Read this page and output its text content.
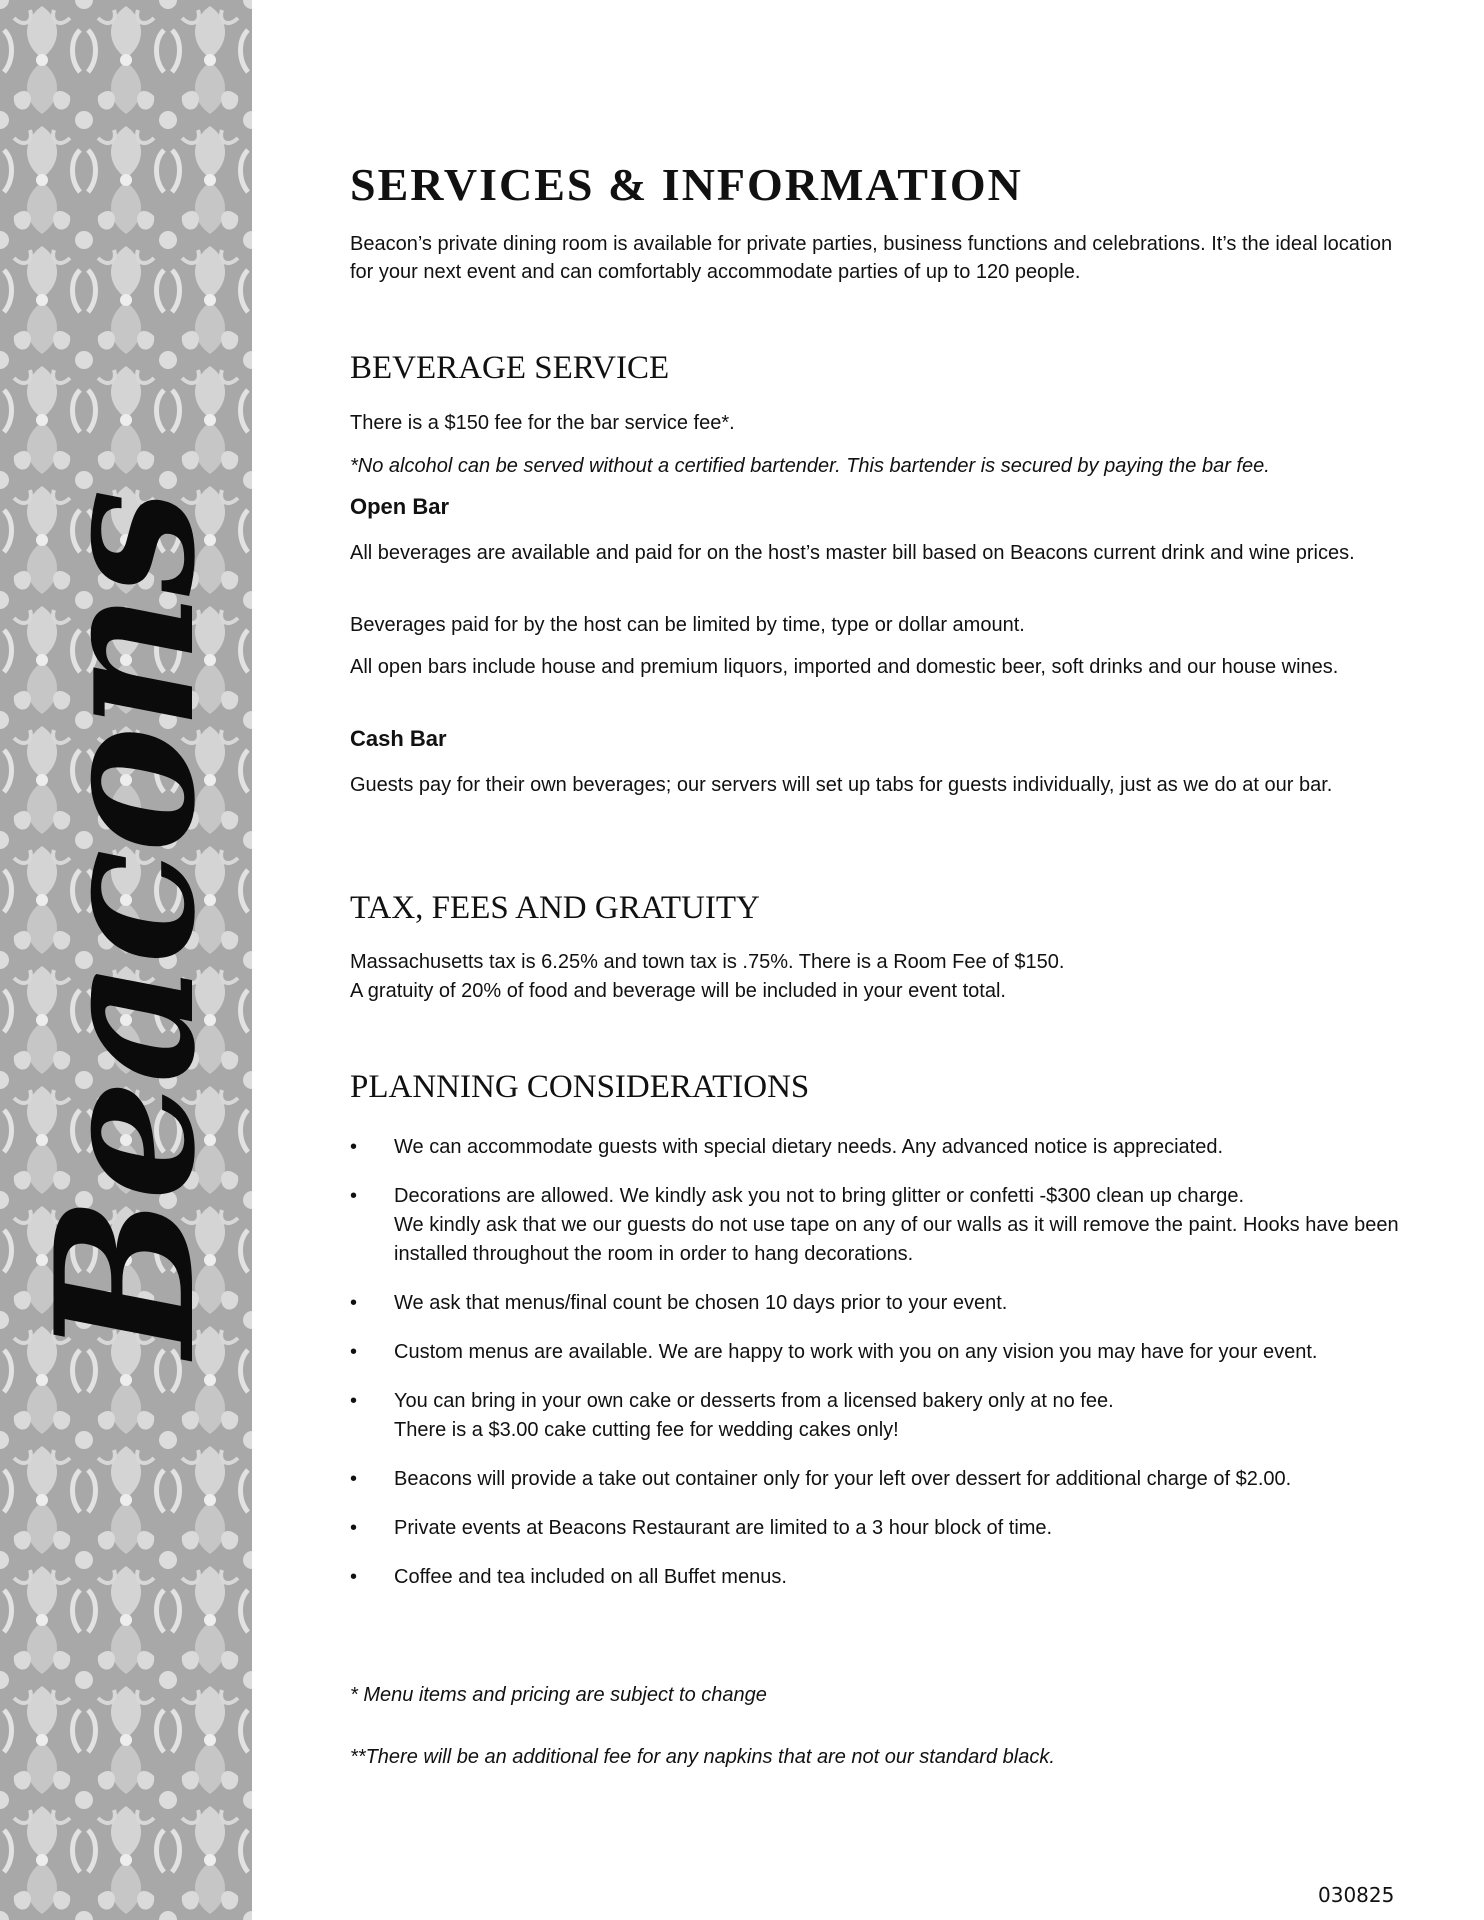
Beacons
SERVICES & INFORMATION

Beacon’s private dining room is available for private parties, business functions and celebrations. It’s the ideal location for your next event and can comfortably accommodate parties of up to 120 people.

BEVERAGE SERVICE

There is a $150 fee for the bar service fee*.

*No alcohol can be served without a certified bartender. This bartender is secured by paying the bar fee.

Open Bar

All beverages are available and paid for on the host’s master bill based on Beacons current drink and wine prices.

Beverages paid for by the host can be limited by time, type or dollar amount.

All open bars include house and premium liquors, imported and domestic beer, soft drinks and our house wines.

Cash Bar

Guests pay for their own beverages; our servers will set up tabs for guests individually, just as we do at our bar.

TAX, FEES AND GRATUITY

Massachusetts tax is 6.25% and town tax is .75%. There is a Room Fee of $150.

A gratuity of 20% of food and beverage will be included in your event total.

PLANNING CONSIDERATIONS
• We can accommodate guests with special dietary needs. Any advanced notice is appreciated.
• Decorations are allowed. We kindly ask you not to bring glitter or confetti -$300 clean up charge.
We kindly ask that we our guests do not use tape on any of our walls as it will remove the paint. Hooks have been installed throughout the room in order to hang decorations.
• We ask that menus/final count be chosen 10 days prior to your event.
• Custom menus are available. We are happy to work with you on any vision you may have for your event.
• You can bring in your own cake or desserts from a licensed bakery only at no fee.
There is a $3.00 cake cutting fee for wedding cakes only!
• Beacons will provide a take out container only for your left over dessert for additional charge of $2.00.
• Private events at Beacons Restaurant are limited to a 3 hour block of time.
• Coffee and tea included on all Buffet menus.

* Menu items and pricing are subject to change

**There will be an additional fee for any napkins that are not our standard black.

030825
